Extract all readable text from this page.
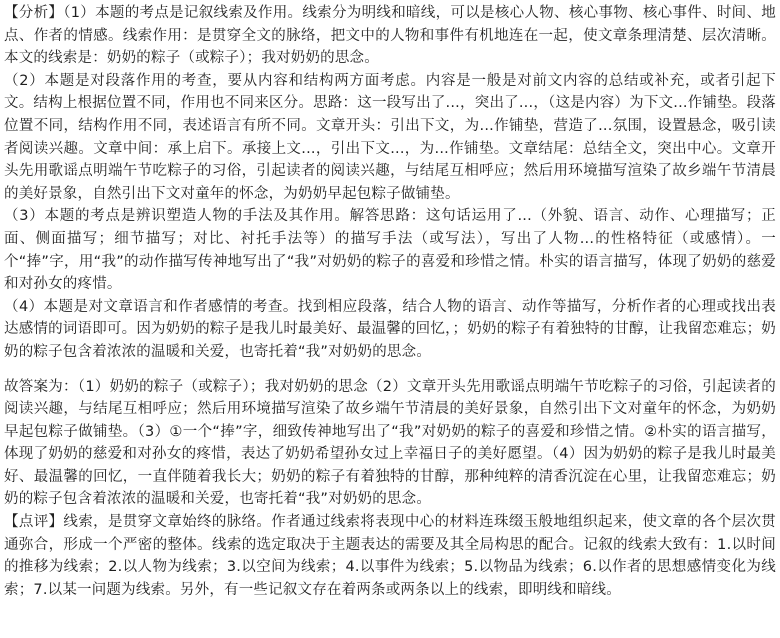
【分析】（1）本题的考点是记叙线索及作用。线索分为明线和暗线，可以是核心人物、核心事物、核心事件、时间、地点、作者的情感。线索作用：是贯穿全文的脉络，把文中的人物和事件有机地连在一起，使文章条理清楚、层次清晰。本文的线索是：奶奶的粽子（或粽子）；我对奶奶的思念。

（2）本题是对段落作用的考查，要从内容和结构两方面考虑。内容是一般是对前文内容的总结或补充，或者引起下文。结构上根据位置不同，作用也不同来区分。思路：这一段写出了...，突出了...，（这是内容）为下文...作铺垫。段落位置不同，结构作用不同，表述语言有所不同。文章开头：引出下文，为...作铺垫，营造了...氛围，设置悬念，吸引读者阅读兴趣。文章中间：承上启下。承接上文...，引出下文...，为...作铺垫。文章结尾：总结全文，突出中心。文章开头先用歌谣点明端午节吃粽子的习俗，引起读者的阅读兴趣，与结尾互相呼应；然后用环境描写渲染了故乡端午节清晨的美好景象，自然引出下文对童年的怀念，为奶奶早起包粽子做铺垫。

（3）本题的考点是辨识塑造人物的手法及其作用。解答思路：这句话运用了...（外貌、语言、动作、心理描写；正面、侧面描写；细节描写；对比、衬托手法等）的描写手法（或写法），写出了人物...的性格特征（或感情）。一个“捧”字，用“我”的动作描写传神地写出了“我”对奶奶的粽子的喜爱和珍惜之情。朴实的语言描写，体现了奶奶的慈爱和对孙女的疼惜。

（4）本题是对文章语言和作者感情的考查。找到相应段落，结合人物的语言、动作等描写，分析作者的心理或找出表达感情的词语即可。因为奶奶的粽子是我儿时最美好、最温馨的回忆，；奶奶的粽子有着独特的甘醇，让我留恋难忘；奶奶的粽子包含着浓浓的温暖和关爱，也寄托着“我”对奶奶的思念。

故答案为：（1）奶奶的粽子（或粽子）；我对奶奶的思念（2）文章开头先用歌谣点明端午节吃粽子的习俗，引起读者的阅读兴趣，与结尾互相呼应；然后用环境描写渲染了故乡端午节清晨的美好景象，自然引出下文对童年的怀念，为奶奶早起包粽子做铺垫。（3）①一个“捧”字，细致传神地写出了“我”对奶奶的粽子的喜爱和珍惜之情。②朴实的语言描写，体现了奶奶的慈爱和对孙女的疼惜，表达了奶奶希望孙女过上幸福日子的美好愿望。（4）因为奶奶的粽子是我儿时最美好、最温馨的回忆，一直伴随着我长大；奶奶的粽子有着独特的甘醇，那种纯粹的清香沉淀在心里，让我留恋难忘；奶奶的粽子包含着浓浓的温暖和关爱，也寄托着“我”对奶奶的思念。

【点评】线索，是贯穿文章始终的脉络。作者通过线索将表现中心的材料连珠缀玉般地组织起来，使文章的各个层次贯通弥合，形成一个严密的整体。线索的选定取决于主题表达的需要及其全局构思的配合。记叙的线索大致有：1.以时间的推移为线索；2.以人物为线索；3.以空间为线索；4.以事件为线索；5.以物品为线索；6.以作者的思想感情变化为线索；7.以某一问题为线索。另外，有一些记叙文存在着两条或两条以上的线索，即明线和暗线。
